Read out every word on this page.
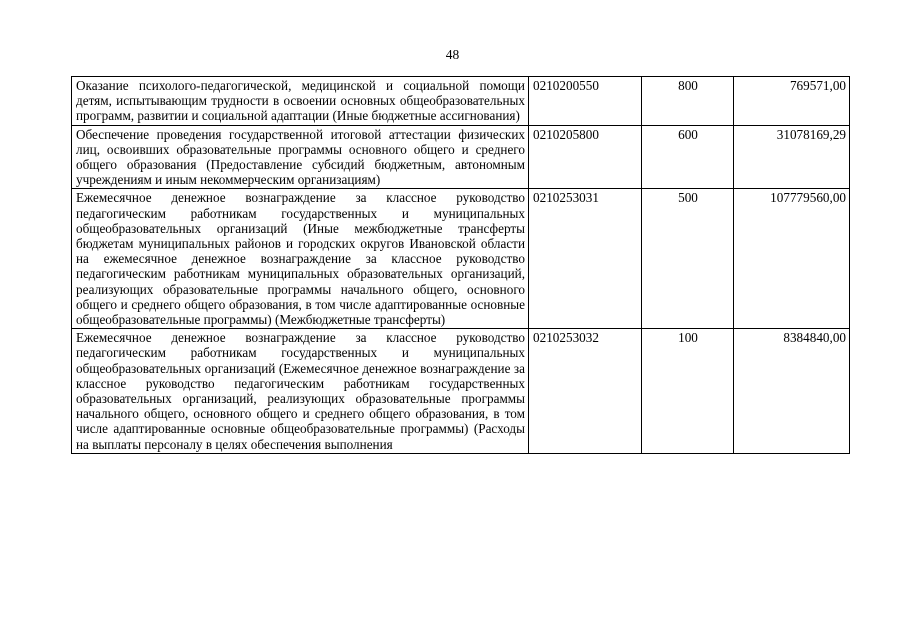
48
Оказание психолого-педагогической, медицинской и социальной помощи детям, испытывающим трудности в освоении основных общеобразовательных программ, развитии и социальной адаптации (Иные бюджетные ассигнования)	0210200550	800	769571,00
Обеспечение проведения государственной итоговой аттестации физических лиц, освоивших образовательные программы основного общего и среднего общего образования (Предоставление субсидий бюджетным, автономным учреждениям и иным некоммерческим организациям)	0210205800	600	31078169,29
Ежемесячное денежное вознаграждение за классное руководство педагогическим работникам государственных и муниципальных общеобразовательных организаций (Иные межбюджетные трансферты бюджетам муниципальных районов и городских округов Ивановской области на ежемесячное денежное вознаграждение за классное руководство педагогическим работникам муниципальных образовательных организаций, реализующих образовательные программы начального общего, основного общего и среднего общего образования, в том числе адаптированные основные общеобразовательные программы) (Межбюджетные трансферты)	0210253031	500	107779560,00
Ежемесячное денежное вознаграждение за классное руководство педагогическим работникам государственных и муниципальных общеобразовательных организаций (Ежемесячное денежное вознаграждение за классное руководство педагогическим работникам государственных образовательных организаций, реализующих образовательные программы начального общего, основного общего и среднего общего образования, в том числе адаптированные основные общеобразовательные программы) (Расходы на выплаты персоналу в целях обеспечения выполнения	0210253032	100	8384840,00
